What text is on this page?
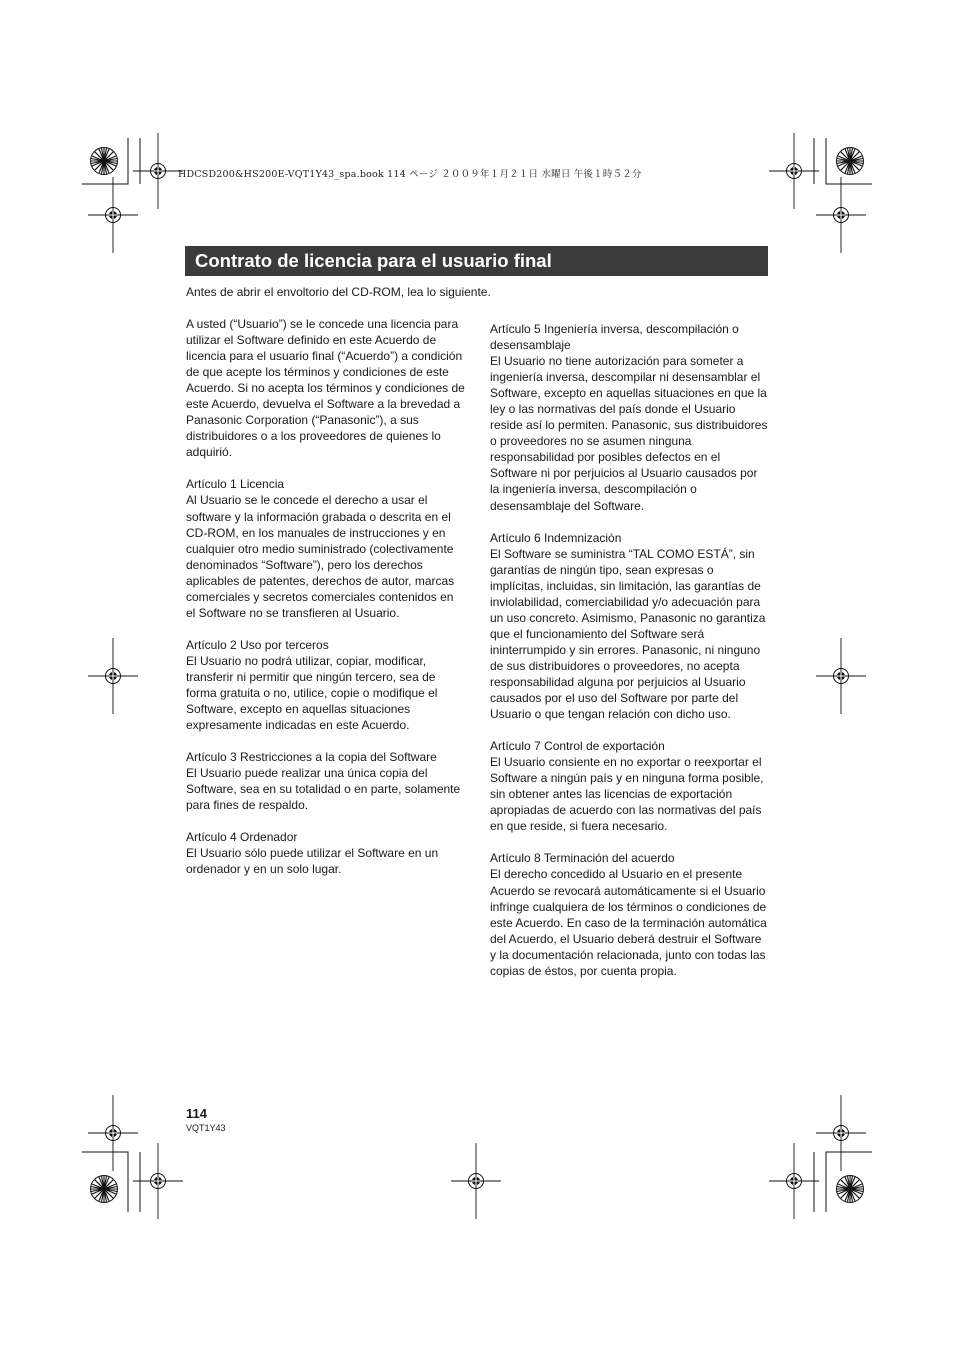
HDCSD200&HS200E-VQT1Y43_spa.book 114 ページ ２００９年１月２１日 水曜日 午後１時５２分
Contrato de licencia para el usuario final
Antes de abrir el envoltorio del CD-ROM, lea lo siguiente.

A usted (“Usuario”) se le concede una licencia para utilizar el Software definido en este Acuerdo de licencia para el usuario final (“Acuerdo”) a condición de que acepte los términos y condiciones de este Acuerdo. Si no acepta los términos y condiciones de este Acuerdo, devuelva el Software a la brevedad a Panasonic Corporation (“Panasonic”), a sus distribuidores o a los proveedores de quienes lo adquirió.

Artículo 1 Licencia
Al Usuario se le concede el derecho a usar el software y la información grabada o descrita en el CD-ROM, en los manuales de instrucciones y en cualquier otro medio suministrado (colectivamente denominados “Software”), pero los derechos aplicables de patentes, derechos de autor, marcas comerciales y secretos comerciales contenidos en el Software no se transfieren al Usuario.

Artículo 2 Uso por terceros
El Usuario no podrá utilizar, copiar, modificar, transferir ni permitir que ningún tercero, sea de forma gratuita o no, utilice, copie o modifique el Software, excepto en aquellas situaciones expresamente indicadas en este Acuerdo.

Artículo 3 Restricciones a la copia del Software
El Usuario puede realizar una única copia del Software, sea en su totalidad o en parte, solamente para fines de respaldo.

Artículo 4 Ordenador
El Usuario sólo puede utilizar el Software en un ordenador y en un solo lugar.

Artículo 5 Ingeniería inversa, descompilación o desensamblaje
El Usuario no tiene autorización para someter a ingeniería inversa, descompilar ni desensamblar el Software, excepto en aquellas situaciones en que la ley o las normativas del país donde el Usuario reside así lo permiten. Panasonic, sus distribuidores o proveedores no se asumen ninguna responsabilidad por posibles defectos en el Software ni por perjuicios al Usuario causados por la ingeniería inversa, descompilación o desensamblaje del Software.

Artículo 6 Indemnización
El Software se suministra “TAL COMO ESTÁ”, sin garantías de ningún tipo, sean expresas o implícitas, incluidas, sin limitación, las garantías de inviolabilidad, comerciabilidad y/o adecuación para un uso concreto. Asimismo, Panasonic no garantiza que el funcionamiento del Software será ininterrumpido y sin errores. Panasonic, ni ninguno de sus distribuidores o proveedores, no acepta responsabilidad alguna por perjuicios al Usuario causados por el uso del Software por parte del Usuario o que tengan relación con dicho uso.

Artículo 7 Control de exportación
El Usuario consiente en no exportar o reexportar el Software a ningún país y en ninguna forma posible, sin obtener antes las licencias de exportación apropiadas de acuerdo con las normativas del país en que reside, si fuera necesario.

Artículo 8 Terminación del acuerdo
El derecho concedido al Usuario en el presente Acuerdo se revocará automáticamente si el Usuario infringe cualquiera de los términos o condiciones de este Acuerdo. En caso de la terminación automática del Acuerdo, el Usuario deberá destruir el Software y la documentación relacionada, junto con todas las copias de éstos, por cuenta propia.

114
VQT1Y43
